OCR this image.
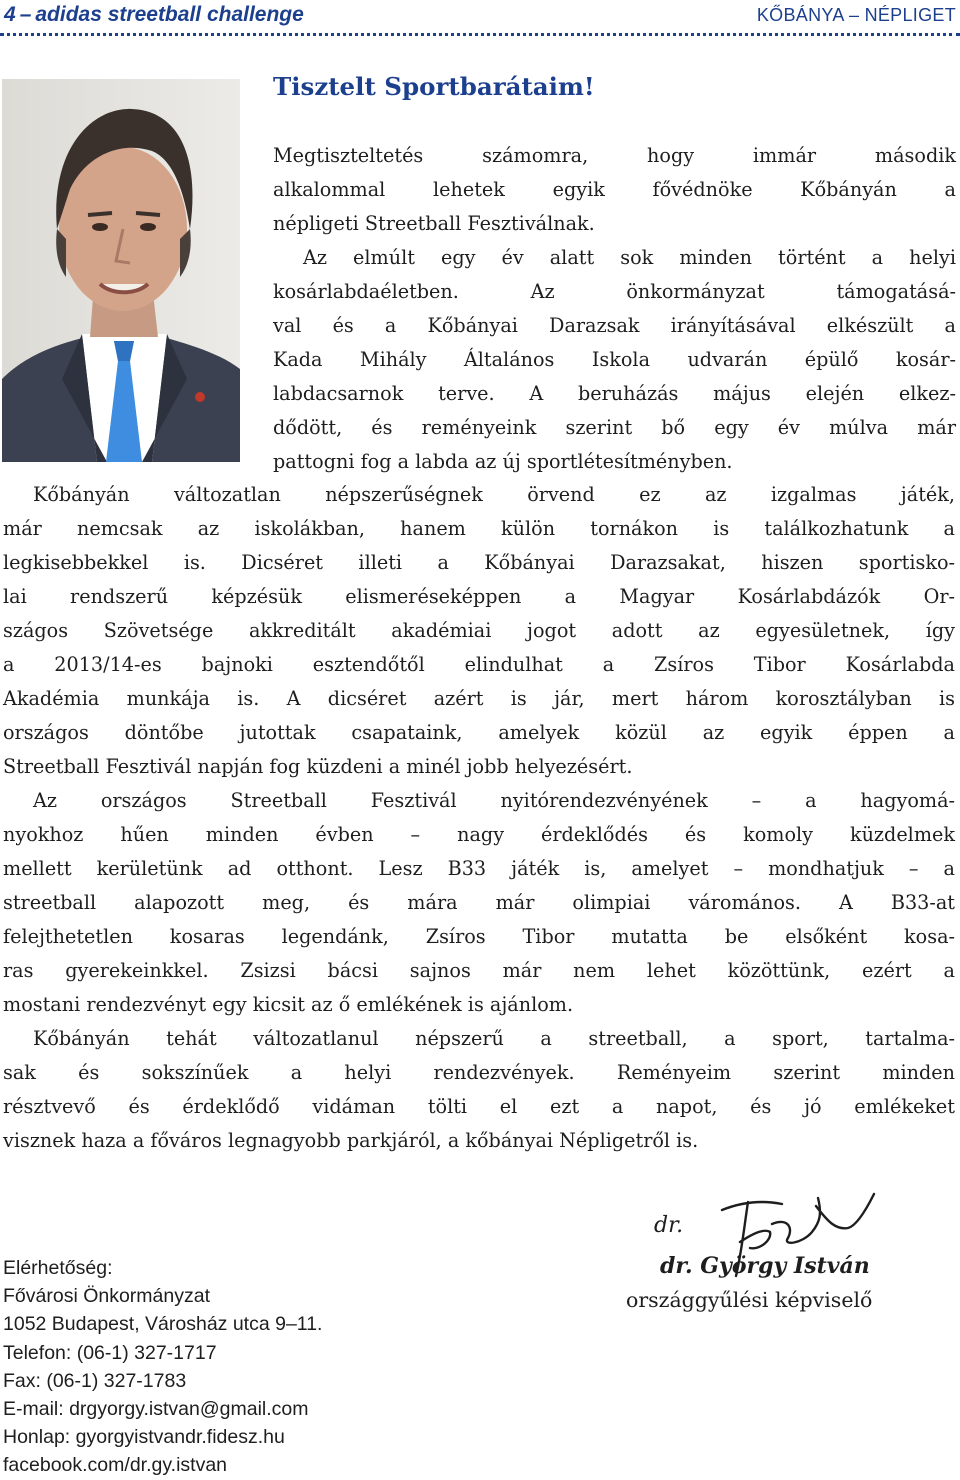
4 – adidas streetball challenge	KŐBÁNYA – NÉPLIGET
Tisztelt Sportbarátaim!
Megtiszteltetés számomra, hogy immár második
alkalommal lehetek egyik fővédnöke Kőbányán a
népligeti Streetball Fesztiválnak.
Az elmúlt egy év alatt sok minden történt a helyi
kosárlabdaéletben. Az önkormányzat támogatásá-
val és a Kőbányai Darazsak irányításával elkészült a
Kada Mihály Általános Iskola udvarán épülő kosár-
labdacsarnok terve. A beruházás május elején elkez-
dődött, és reményeink szerint bő egy év múlva már
pattogni fog a labda az új sportlétesítményben.
Kőbányán változatlan népszerűségnek örvend ez az izgalmas játék,
már nemcsak az iskolákban, hanem külön tornákon is találkozhatunk a
legkisebbekkel is. Dicséret illeti a Kőbányai Darazsakat, hiszen sportisko-
lai rendszerű képzésük elismeréseképpen a Magyar Kosárlabdázók Or-
szágos Szövetsége akkreditált akadémiai jogot adott az egyesületnek, így
a 2013/14-es bajnoki esztendőtől elindulhat a Zsíros Tibor Kosárlabda
Akadémia munkája is. A dicséret azért is jár, mert három korosztályban is
országos döntőbe jutottak csapataink, amelyek közül az egyik éppen a
Streetball Fesztivál napján fog küzdeni a minél jobb helyezésért.
Az országos Streetball Fesztivál nyitórendezvényének – a hagyomá-
nyokhoz hűen minden évben – nagy érdeklődés és komoly küzdelmek
mellett kerületünk ad otthont. Lesz B33 játék is, amelyet – mondhatjuk – a
streetball alapozott meg, és mára már olimpiai váromános. A B33-at
felejthetetlen kosaras legendánk, Zsíros Tibor mutatta be elsőként kosa-
ras gyerekeinkkel. Zsizsi bácsi sajnos már nem lehet közöttünk, ezért a
mostani rendezvényt egy kicsit az ő emlékének is ajánlom.
Kőbányán tehát változatlanul népszerű a streetball, a sport, tartalma-
sak és sokszínűek a helyi rendezvények. Reményeim szerint minden
résztvevő és érdeklődő vidáman tölti el ezt a napot, és jó emlékeket
visznek haza a főváros legnagyobb parkjáról, a kőbányai Népligetről is.
Elérhetőség:
Fővárosi Önkormányzat
1052 Budapest, Városház utca 9–11.
Telefon: (06-1) 327-1717
Fax: (06-1) 327-1783
E-mail: drgyorgy.istvan@gmail.com
Honlap: gyorgyistvandr.fidesz.hu
facebook.com/dr.gy.istvan
dr.
dr. György István
országgyűlési képviselő
